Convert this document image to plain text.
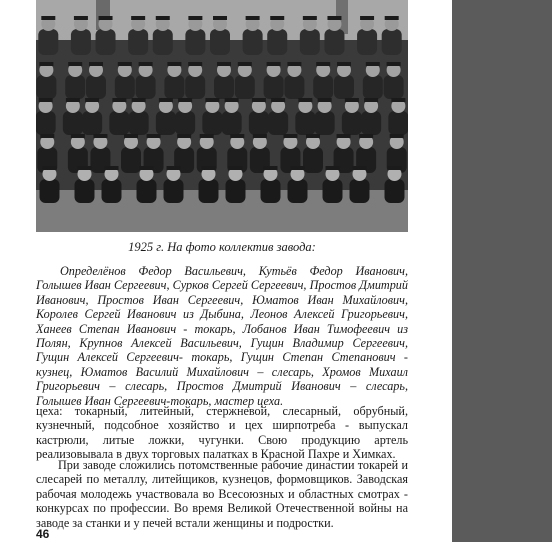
1925 г. На фото коллектив завода:

Определёнов Федор Васильевич, Кутьёв Федор Иванович, Голышев Иван Сергеевич, Сурков Сергей Сергеевич, Простов Дмитрий Иванович, Простов Иван Сергеевич, Юматов Иван Михайлович, Королев Сергей Иванович из Дыбина, Леонов Алексей Григорьевич, Ханеев Степан Иванович - токарь, Лобанов Иван Тимофеевич из Полян, Крупнов Алексей Васильевич, Гущин Владимир Сергеевич, Гущин Алексей Сергеевич- токарь, Гущин Степан Степанович - кузнец, Юматов Василий Михайлович – слесарь, Хромов Михаил Григорьевич – слесарь, Простов Дмитрий Иванович – слесарь, Голышев Иван Сергеевич-токарь, мастер цеха.

цеха: токарный, литейный, стержневой, слесарный, обрубный, кузнечный, подсобное хозяйство и цех ширпотреба - выпускал кастрюли, литые ложки, чугунки. Свою продукцию артель реализовывала в двух торговых палатках в Красной Пахре и Химках.

При заводе сложились потомственные рабочие династии токарей и слесарей по металлу, литейщиков, кузнецов, формовщиков. Заводская рабочая молодежь участвовала во Всесоюзных и областных смотрах - конкурсах по профессии. Во время Великой Отечественной войны на заводе за станки и у печей встали женщины и подростки.

46
